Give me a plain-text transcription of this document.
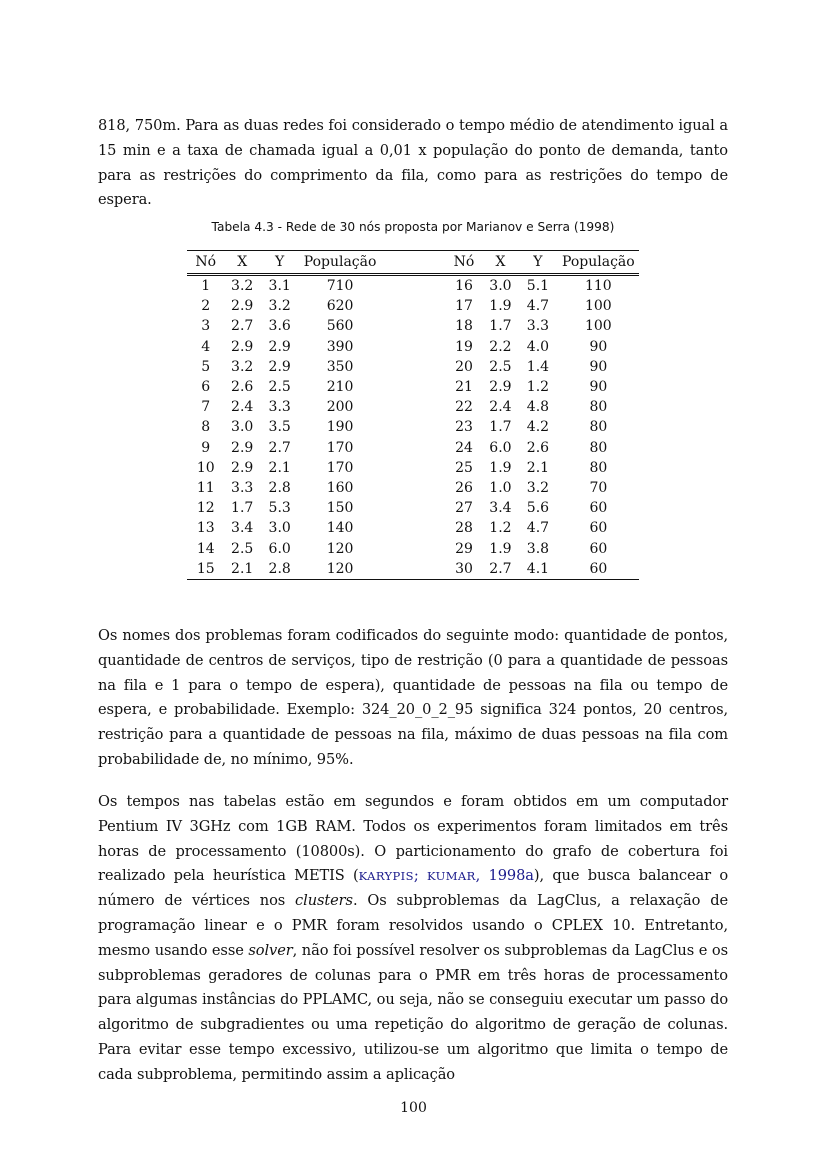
818, 750m. Para as duas redes foi considerado o tempo médio de atendimento igual a 15 min e a taxa de chamada igual a 0,01 x população do ponto de demanda, tanto para as restrições do comprimento da fila, como para as restrições do tempo de espera.

Tabela 4.3 - Rede de 30 nós proposta por Marianov e Serra (1998)

Nó	X	Y	População		Nó	X	Y	População
1	3.2	3.1	710		16	3.0	5.1	110
2	2.9	3.2	620		17	1.9	4.7	100
3	2.7	3.6	560		18	1.7	3.3	100
4	2.9	2.9	390		19	2.2	4.0	90
5	3.2	2.9	350		20	2.5	1.4	90
6	2.6	2.5	210		21	2.9	1.2	90
7	2.4	3.3	200		22	2.4	4.8	80
8	3.0	3.5	190		23	1.7	4.2	80
9	2.9	2.7	170		24	6.0	2.6	80
10	2.9	2.1	170		25	1.9	2.1	80
11	3.3	2.8	160		26	1.0	3.2	70
12	1.7	5.3	150		27	3.4	5.6	60
13	3.4	3.0	140		28	1.2	4.7	60
14	2.5	6.0	120		29	1.9	3.8	60
15	2.1	2.8	120		30	2.7	4.1	60

Os nomes dos problemas foram codificados do seguinte modo: quantidade de pontos, quantidade de centros de serviços, tipo de restrição (0 para a quantidade de pessoas na fila e 1 para o tempo de espera), quantidade de pessoas na fila ou tempo de espera, e probabilidade. Exemplo: 324_20_0_2_95 significa 324 pontos, 20 centros, restrição para a quantidade de pessoas na fila, máximo de duas pessoas na fila com probabilidade de, no mínimo, 95%.

Os tempos nas tabelas estão em segundos e foram obtidos em um computador Pentium IV 3GHz com 1GB RAM. Todos os experimentos foram limitados em três horas de processamento (10800s). O particionamento do grafo de cobertura foi realizado pela heurística METIS (KARYPIS; KUMAR, 1998a), que busca balancear o número de vértices nos clusters. Os subproblemas da LagClus, a relaxação de programação linear e o PMR foram resolvidos usando o CPLEX 10. Entretanto, mesmo usando esse solver, não foi possível resolver os subproblemas da LagClus e os subproblemas geradores de colunas para o PMR em três horas de processamento para algumas instâncias do PPLAMC, ou seja, não se conseguiu executar um passo do algoritmo de subgradientes ou uma repetição do algoritmo de geração de colunas. Para evitar esse tempo excessivo, utilizou-se um algoritmo que limita o tempo de cada subproblema, permitindo assim a aplicação

100
